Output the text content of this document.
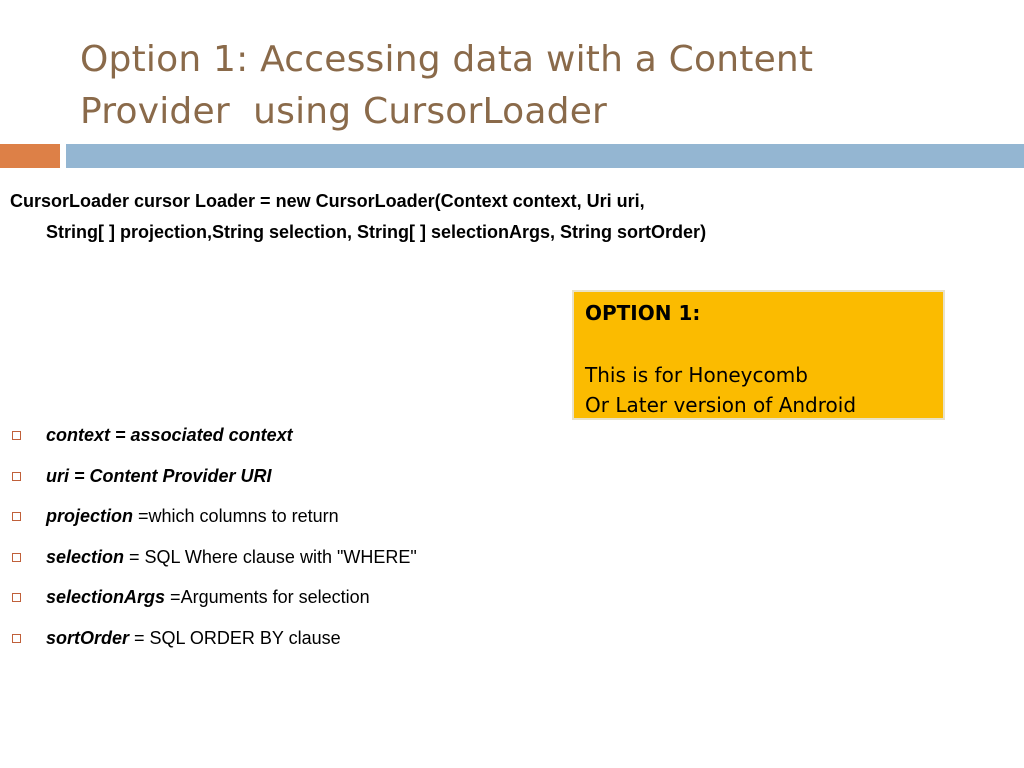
Option 1: Accessing data with a Content
Provider  using CursorLoader
CursorLoader cursor Loader = new CursorLoader(Context context, Uri uri,
String[ ] projection,String selection, String[ ] selectionArgs, String sortOrder)
OPTION 1:
This is for Honeycomb
Or Later version of Android
context = associated context
uri = Content Provider URI
projection =which columns to return
selection = SQL Where clause with "WHERE"
selectionArgs =Arguments for selection
sortOrder = SQL ORDER BY clause
